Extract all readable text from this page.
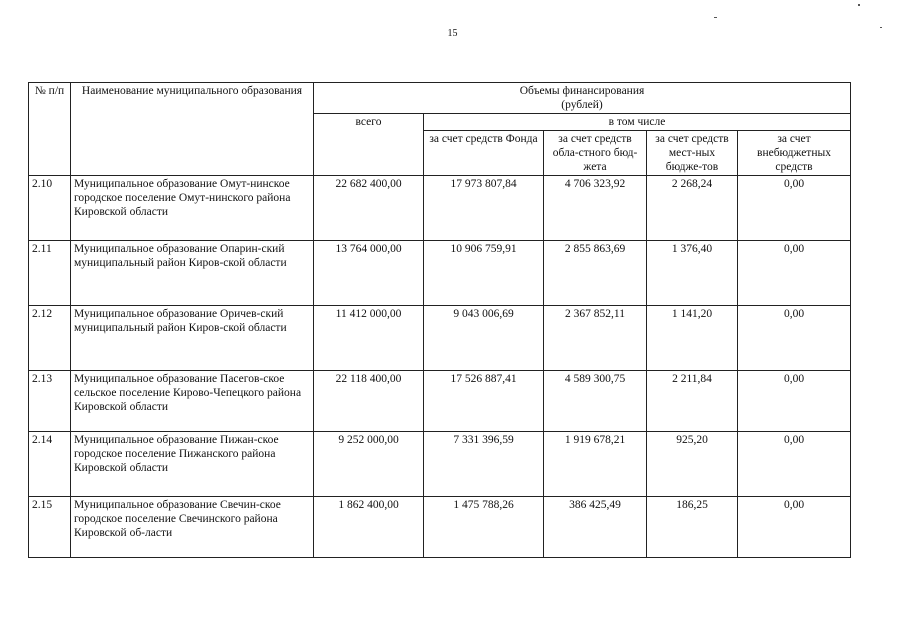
15
№ п/п	Наименование муниципального образования	Объемы финансирования
(рублей)				

		всего	в том числе			
			за счет средств Фонда	за счет средств обла-стного бюд-жета	за счет средств мест-ных бюдже-тов	за счет внебюджетных средств
2.10	Муниципальное образование Омут-нинское городское поселение Омут-нинского района Кировской области	22 682 400,00	17 973 807,84	4 706 323,92	2 268,24	0,00
2.11	Муниципальное образование Опарин-ский муниципальный район Киров-ской области	13 764 000,00	10 906 759,91	2 855 863,69	1 376,40	0,00
2.12	Муниципальное образование Оричев-ский муниципальный район Киров-ской области	11 412 000,00	9 043 006,69	2 367 852,11	1 141,20	0,00
2.13	Муниципальное образование Пасегов-ское сельское поселение Кирово-Чепецкого района Кировской области	22 118 400,00	17 526 887,41	4 589 300,75	2 211,84	0,00
2.14	Муниципальное образование Пижан-ское городское поселение Пижанского района Кировской области	9 252 000,00	7 331 396,59	1 919 678,21	925,20	0,00
2.15	Муниципальное образование Свечин-ское городское поселение Свечинского района Кировской об-ласти	1 862 400,00	1 475 788,26	386 425,49	186,25	0,00
